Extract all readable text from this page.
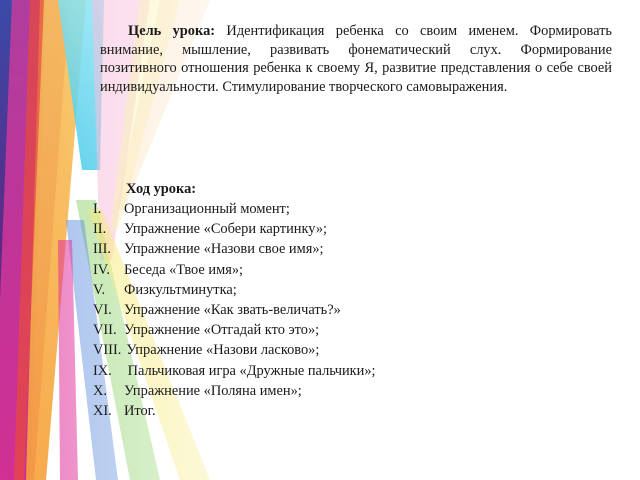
Цель урока: Идентификация ребенка со своим именем. Формировать внимание, мышление, развивать фонематический слух. Формирование позитивного отношения ребенка к своему Я, развитие представления о себе своей индивидуальности. Стимулирование творческого самовыражения.

Ход урока:
I. Организационный момент;
II. Упражнение «Собери картинку»;
III. Упражнение «Назови свое имя»;
IV. Беседа «Твое имя»;
V. Физкультминутка;
VI. Упражнение «Как звать-величать?»
VII. Упражнение «Отгадай кто это»;
VIII. Упражнение «Назови ласково»;
IX. Пальчиковая игра «Дружные пальчики»;
X. Упражнение «Поляна имен»;
XI. Итог.
